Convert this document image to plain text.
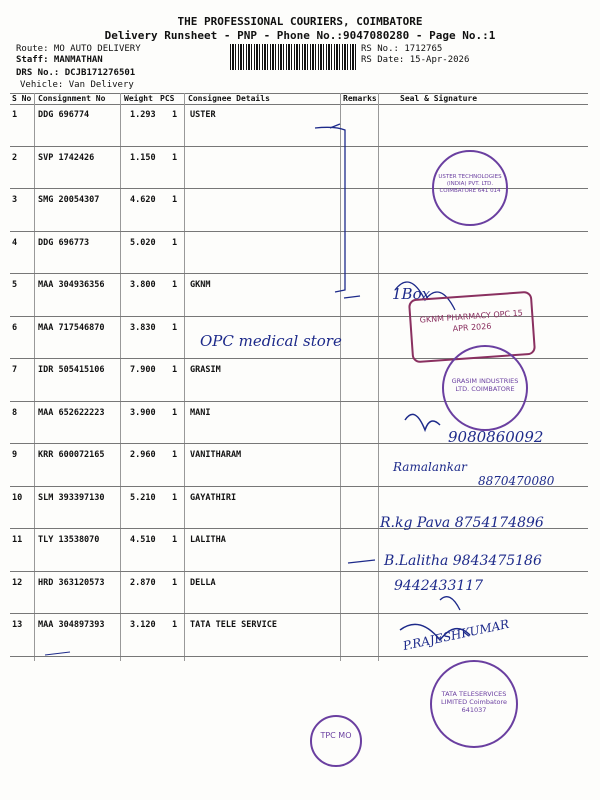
THE PROFESSIONAL COURIERS, COIMBATORE
Delivery Runsheet - PNP - Phone No.:9047080280 - Page No.:1
Route: MO AUTO DELIVERY
Staff: MANMATHAN
DRS No.: DCJB171276501
Vehicle: Van Delivery
RS No.: 1712765
RS Date: 15-Apr-2026
S No Consignment No Weight PCS Consignee Details	Remarks	Seal & Signature
1 DDG 696774	1.293 1 USTER
2 SVP 1742426	1.150 1
3 SMG 20054307	4.620 1
4 DDG 696773	5.020 1
5 MAA 304936356	3.800 1 GKNM
6 MAA 717546870	3.830 1
7 IDR 505415106	7.900 1 GRASIM
8 MAA 652622223	3.900 1 MANI
9 KRR 600072165	2.960 1 VANITHARAM
10 SLM 393397130	5.210 1 GAYATHIRI
11 TLY 13538070	4.510 1 LALITHA
12 HRD 363120573	2.870 1 DELLA
13 MAA 304897393	3.120 1 TATA TELE SERVICE
OPC medical store
1Box
9080860092
Ramalankar
8870470080
R.kg Pava 8754174896
B.Lalitha 9843475186
9442433117
P.RAJESHKUMAR
USTER TECHNOLOGIES (INDIA) PVT. LTD. COIMBATORE 641 014
GKNM PHARMACY OPC 15 APR 2026
GRASIM INDUSTRIES LTD. COIMBATORE
TATA TELESERVICES LIMITED Coimbatore 641037
TPC MO
